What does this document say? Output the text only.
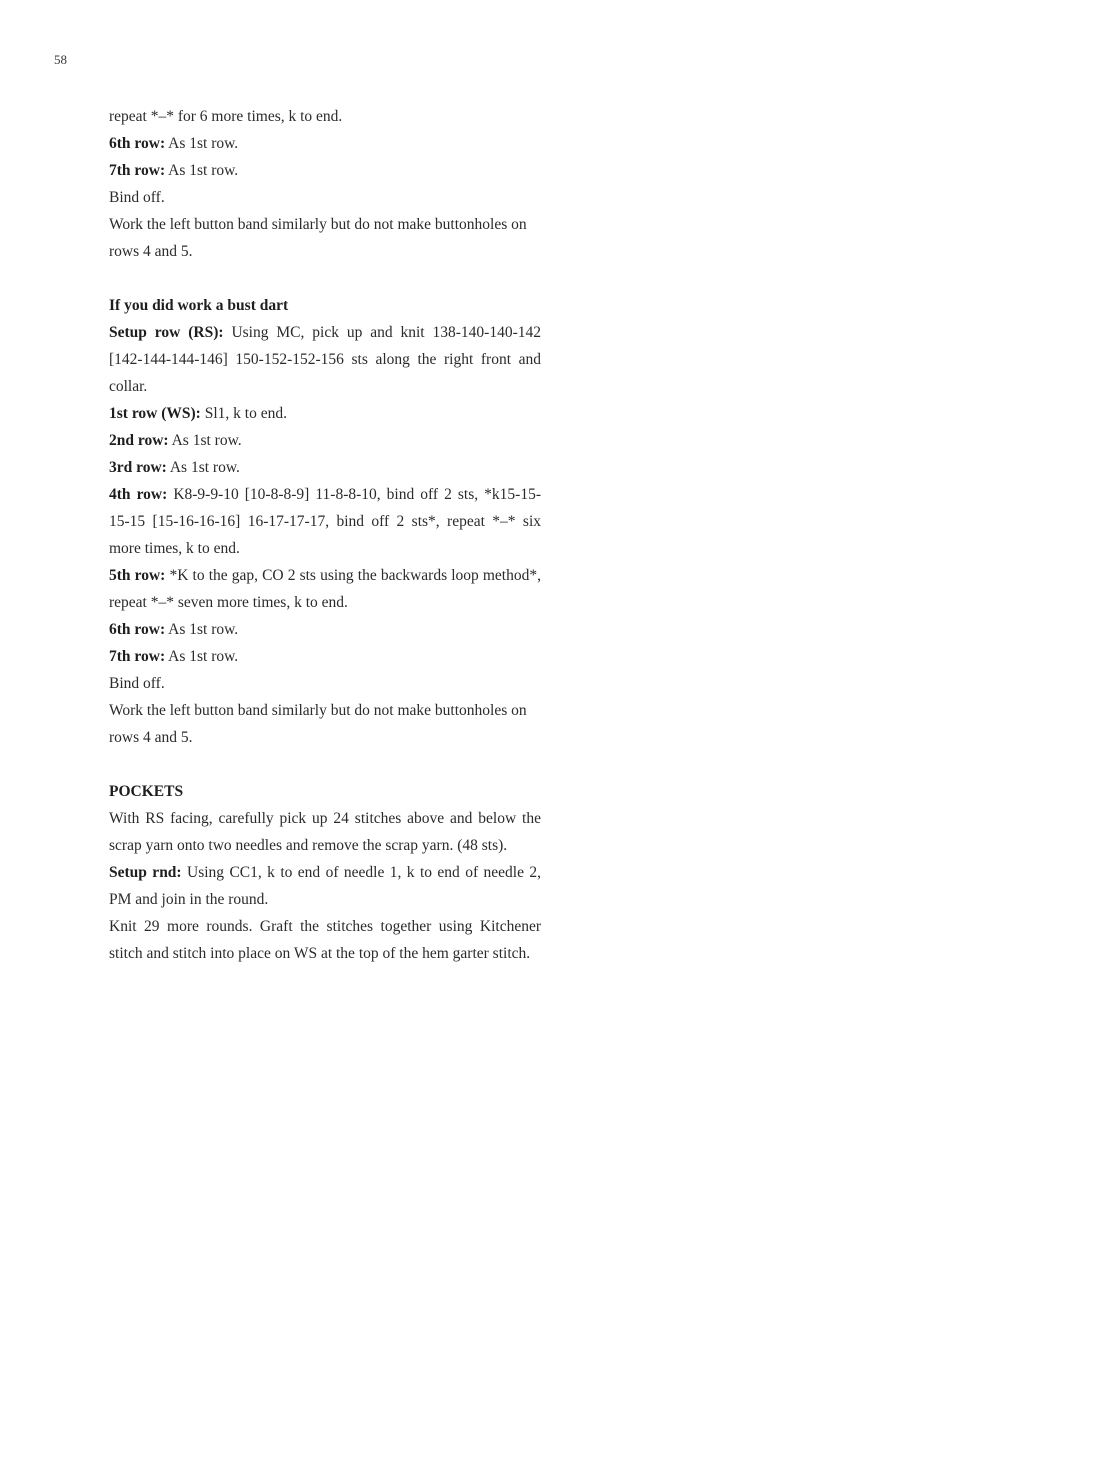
58

repeat *–* for 6 more times, k to end.

6th row: As 1st row.

7th row: As 1st row.

Bind off.

Work the left button band similarly but do not make buttonholes on rows 4 and 5.

If you did work a bust dart

Setup row (RS): Using MC, pick up and knit 138-140-140-142 [142-144-144-146] 150-152-152-156 sts along the right front and collar.

1st row (WS): Sl1, k to end.

2nd row: As 1st row.

3rd row: As 1st row.

4th row: K8-9-9-10 [10-8-8-9] 11-8-8-10, bind off 2 sts, *k15-15-15-15 [15-16-16-16] 16-17-17-17, bind off 2 sts*, repeat *–* six more times, k to end.

5th row: *K to the gap, CO 2 sts using the backwards loop method*, repeat *–* seven more times, k to end.

6th row: As 1st row.

7th row: As 1st row.

Bind off.

Work the left button band similarly but do not make buttonholes on rows 4 and 5.

POCKETS

With RS facing, carefully pick up 24 stitches above and below the scrap yarn onto two needles and remove the scrap yarn. (48 sts).

Setup rnd: Using CC1, k to end of needle 1, k to end of needle 2, PM and join in the round.

Knit 29 more rounds. Graft the stitches together using Kitchener stitch and stitch into place on WS at the top of the hem garter stitch.
